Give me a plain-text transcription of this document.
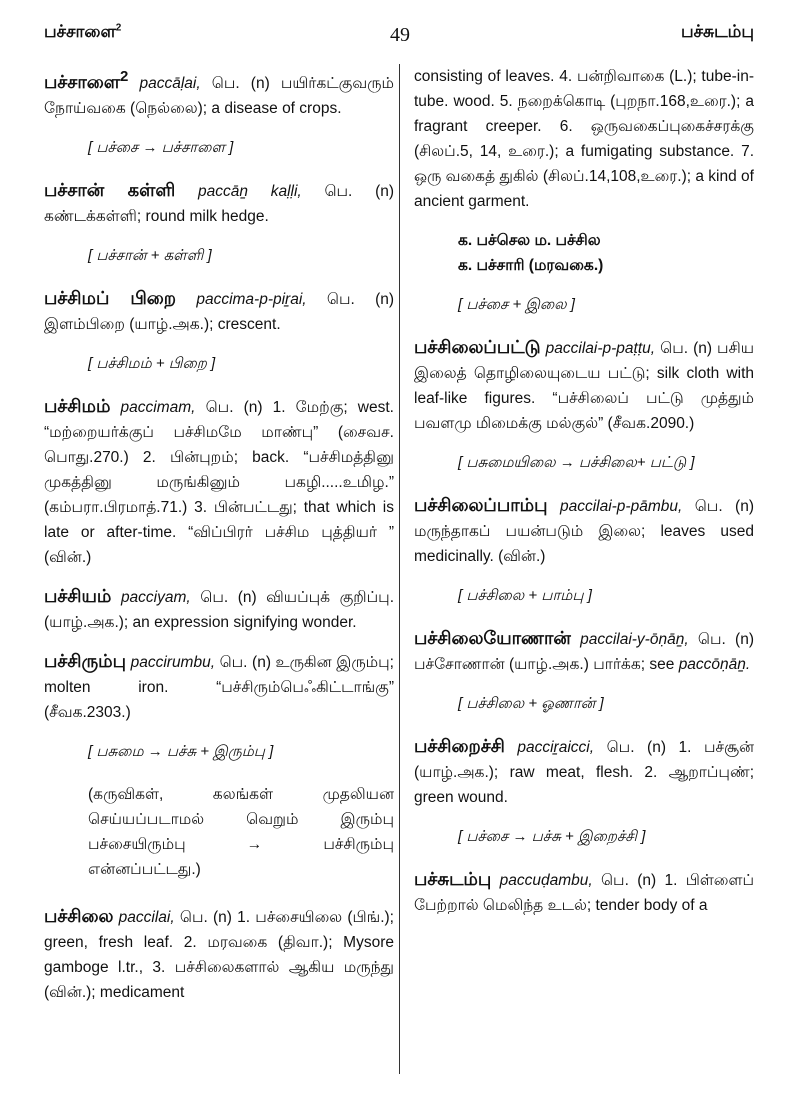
பச்சாளை$^2$	49	பச்சுடம்பு
பச்சாளை$^2$ paccāḷai, பெ. (n) பயிர்கட்குவரும் நோய்வகை (நெல்லை); a disease of crops.
[ பச்சை → பச்சாளை ]
பச்சான் கள்ளி paccāṉ kaḷḷi, பெ. (n) கண்டக்கள்ளி; round milk hedge.
[ பச்சான் + கள்ளி ]
பச்சிமப் பிறை paccima-p-piṟai, பெ. (n) இளம்பிறை (யாழ்.அக.); crescent.
[ பச்சிமம் + பிறை ]
பச்சிமம் paccimam, பெ. (n) 1. மேற்கு; west. “மற்றையர்க்குப் பச்சிமமே மாண்பு” (சைவச. பொது.270.) 2. பின்புறம்; back. “பச்சிமத்தினு முகத்தினு மருங்கினும் பகழி.....உமிழ.” (கம்பரா.பிரமாத்.71.) 3. பின்பட்டது; that which is late or after-time. “விப்பிரர் பச்சிம புத்தியர் ” (வின்.)
பச்சியம் pacciyam, பெ. (n) வியப்புக் குறிப்பு. (யாழ்.அக.); an expression signifying wonder.
பச்சிரும்பு paccirumbu, பெ. (n) உருகின இரும்பு; molten iron. “பச்சிரும்பெஃகிட்டாங்கு” (சீவக.2303.)
[ பசுமை → பச்சு + இரும்பு ]
(கருவிகள், கலங்கள் முதலியன செய்யப்படாமல் வெறும் இரும்பு பச்சையிரும்பு → பச்சிரும்பு என்னப்பட்டது.)
பச்சிலை paccilai, பெ. (n) 1. பச்சையிலை (பிங்.); green, fresh leaf. 2. மரவகை (திவா.); Mysore gamboge l.tr., 3. பச்சிலைகளால் ஆகிய மருந்து (வின்.); medicament
consisting of leaves. 4. பன்றிவாகை (L.); tube-in-tube. wood. 5. நறைக்கொடி (புறநா.168,உரை.); a fragrant creeper. 6. ஒருவகைப்புகைச்சரக்கு (சிலப்.5, 14, உரை.); a fumigating substance. 7. ஒரு வகைத் துகில் (சிலப்.14,108,உரை.); a kind of ancient garment.
க. பச்செல ம. பச்சில
க. பச்சாரி (மரவகை.)
[ பச்சை + இலை ]
பச்சிலைப்பட்டு paccilai-p-paṭṭu, பெ. (n) பசிய இலைத் தொழிலையுடைய பட்டு; silk cloth with leaf-like figures. “பச்சிலைப் பட்டு முத்தும் பவளமு மிமைக்கு மல்குல்” (சீவக.2090.)
[ பசுமையிலை → பச்சிலை+ பட்டு ]
பச்சிலைப்பாம்பு paccilai-p-pāmbu, பெ. (n) மருந்தாகப் பயன்படும் இலை; leaves used medicinally. (வின்.)
[ பச்சிலை + பாம்பு ]
பச்சிலையோணான் paccilai-y-ōṇāṉ, பெ. (n) பச்சோணான் (யாழ்.அக.) பார்க்க; see paccōṇāṉ.
[ பச்சிலை + ஓணான் ]
பச்சிறைச்சி pacciṟaicci, பெ. (n) 1. பச்சூன் (யாழ்.அக.); raw meat, flesh. 2. ஆறாப்புண்; green wound.
[ பச்சை → பச்சு + இறைச்சி ]
பச்சுடம்பு paccuḍambu, பெ. (n) 1. பிள்ளைப் பேற்றால் மெலிந்த உடல்; tender body of a
